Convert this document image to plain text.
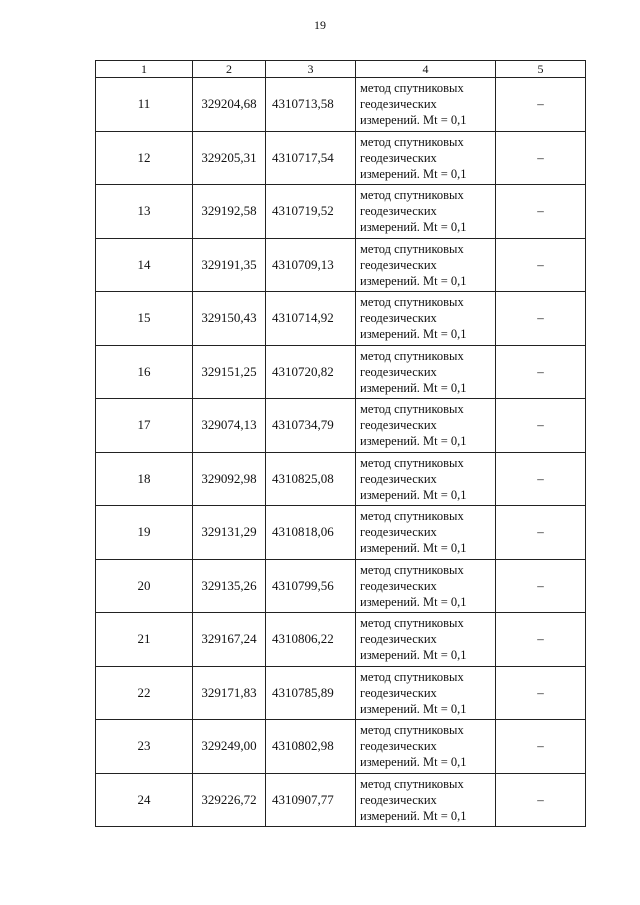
19
1	2	3	4	5
11	329204,68	4310713,58	метод спутниковых
геодезических
измерений. Mt = 0,1	–
12	329205,31	4310717,54	метод спутниковых
геодезических
измерений. Mt = 0,1	–
13	329192,58	4310719,52	метод спутниковых
геодезических
измерений. Mt = 0,1	–
14	329191,35	4310709,13	метод спутниковых
геодезических
измерений. Mt = 0,1	–
15	329150,43	4310714,92	метод спутниковых
геодезических
измерений. Mt = 0,1	–
16	329151,25	4310720,82	метод спутниковых
геодезических
измерений. Mt = 0,1	–
17	329074,13	4310734,79	метод спутниковых
геодезических
измерений. Mt = 0,1	–
18	329092,98	4310825,08	метод спутниковых
геодезических
измерений. Mt = 0,1	–
19	329131,29	4310818,06	метод спутниковых
геодезических
измерений. Mt = 0,1	–
20	329135,26	4310799,56	метод спутниковых
геодезических
измерений. Mt = 0,1	–
21	329167,24	4310806,22	метод спутниковых
геодезических
измерений. Mt = 0,1	–
22	329171,83	4310785,89	метод спутниковых
геодезических
измерений. Mt = 0,1	–
23	329249,00	4310802,98	метод спутниковых
геодезических
измерений. Mt = 0,1	–
24	329226,72	4310907,77	метод спутниковых
геодезических
измерений. Mt = 0,1	–
